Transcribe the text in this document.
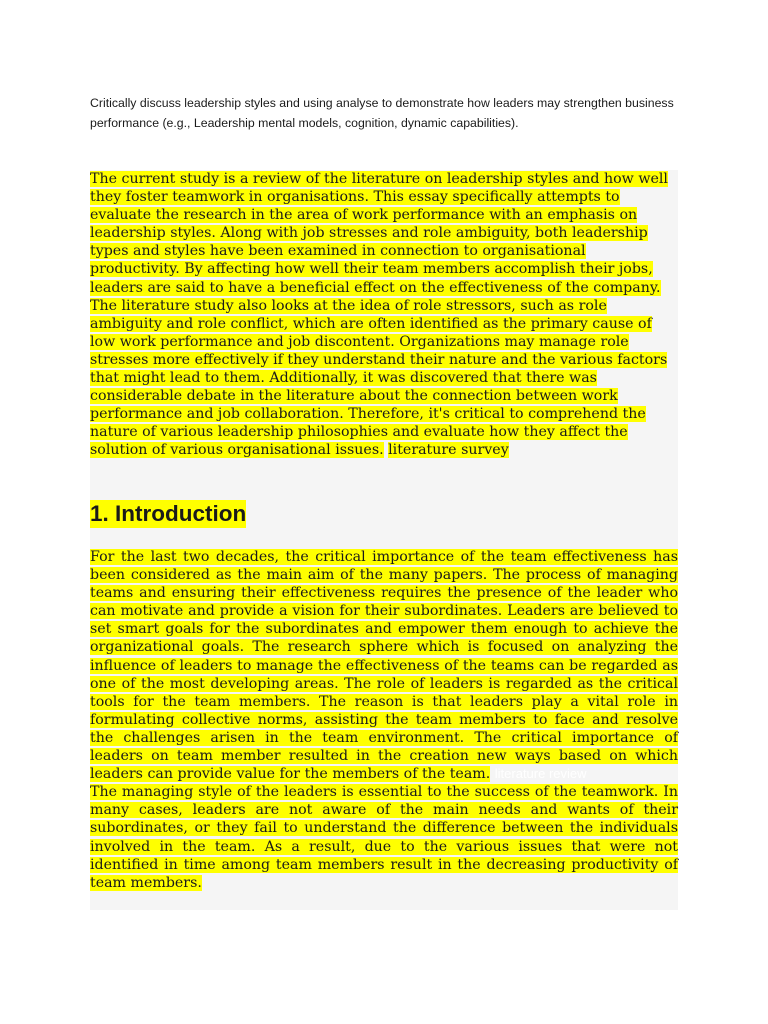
Critically discuss leadership styles and using analyse to demonstrate how leaders may strengthen business performance (e.g., Leadership mental models, cognition, dynamic capabilities).
The current study is a review of the literature on leadership styles and how well they foster teamwork in organisations. This essay specifically attempts to evaluate the research in the area of work performance with an emphasis on leadership styles. Along with job stresses and role ambiguity, both leadership types and styles have been examined in connection to organisational productivity. By affecting how well their team members accomplish their jobs, leaders are said to have a beneficial effect on the effectiveness of the company. The literature study also looks at the idea of role stressors, such as role ambiguity and role conflict, which are often identified as the primary cause of low work performance and job discontent. Organizations may manage role stresses more effectively if they understand their nature and the various factors that might lead to them. Additionally, it was discovered that there was considerable debate in the literature about the connection between work performance and job collaboration. Therefore, it's critical to comprehend the nature of various leadership philosophies and evaluate how they affect the solution of various organisational issues. literature survey
1. Introduction

For the last two decades, the critical importance of the team effectiveness has been considered as the main aim of the many papers. The process of managing teams and ensuring their effectiveness requires the presence of the leader who can motivate and provide a vision for their subordinates. Leaders are believed to set smart goals for the subordinates and empower them enough to achieve the organizational goals. The research sphere which is focused on analyzing the influence of leaders to manage the effectiveness of the teams can be regarded as one of the most developing areas. The role of leaders is regarded as the critical tools for the team members. The reason is that leaders play a vital role in formulating collective norms, assisting the team members to face and resolve the challenges arisen in the team environment. The critical importance of leaders on team member resulted in the creation new ways based on which leaders can provide value for the members of the team. literature review

The managing style of the leaders is essential to the success of the teamwork. In many cases, leaders are not aware of the main needs and wants of their subordinates, or they fail to understand the difference between the individuals involved in the team. As a result, due to the various issues that were not identified in time among team members result in the decreasing productivity of team members.
